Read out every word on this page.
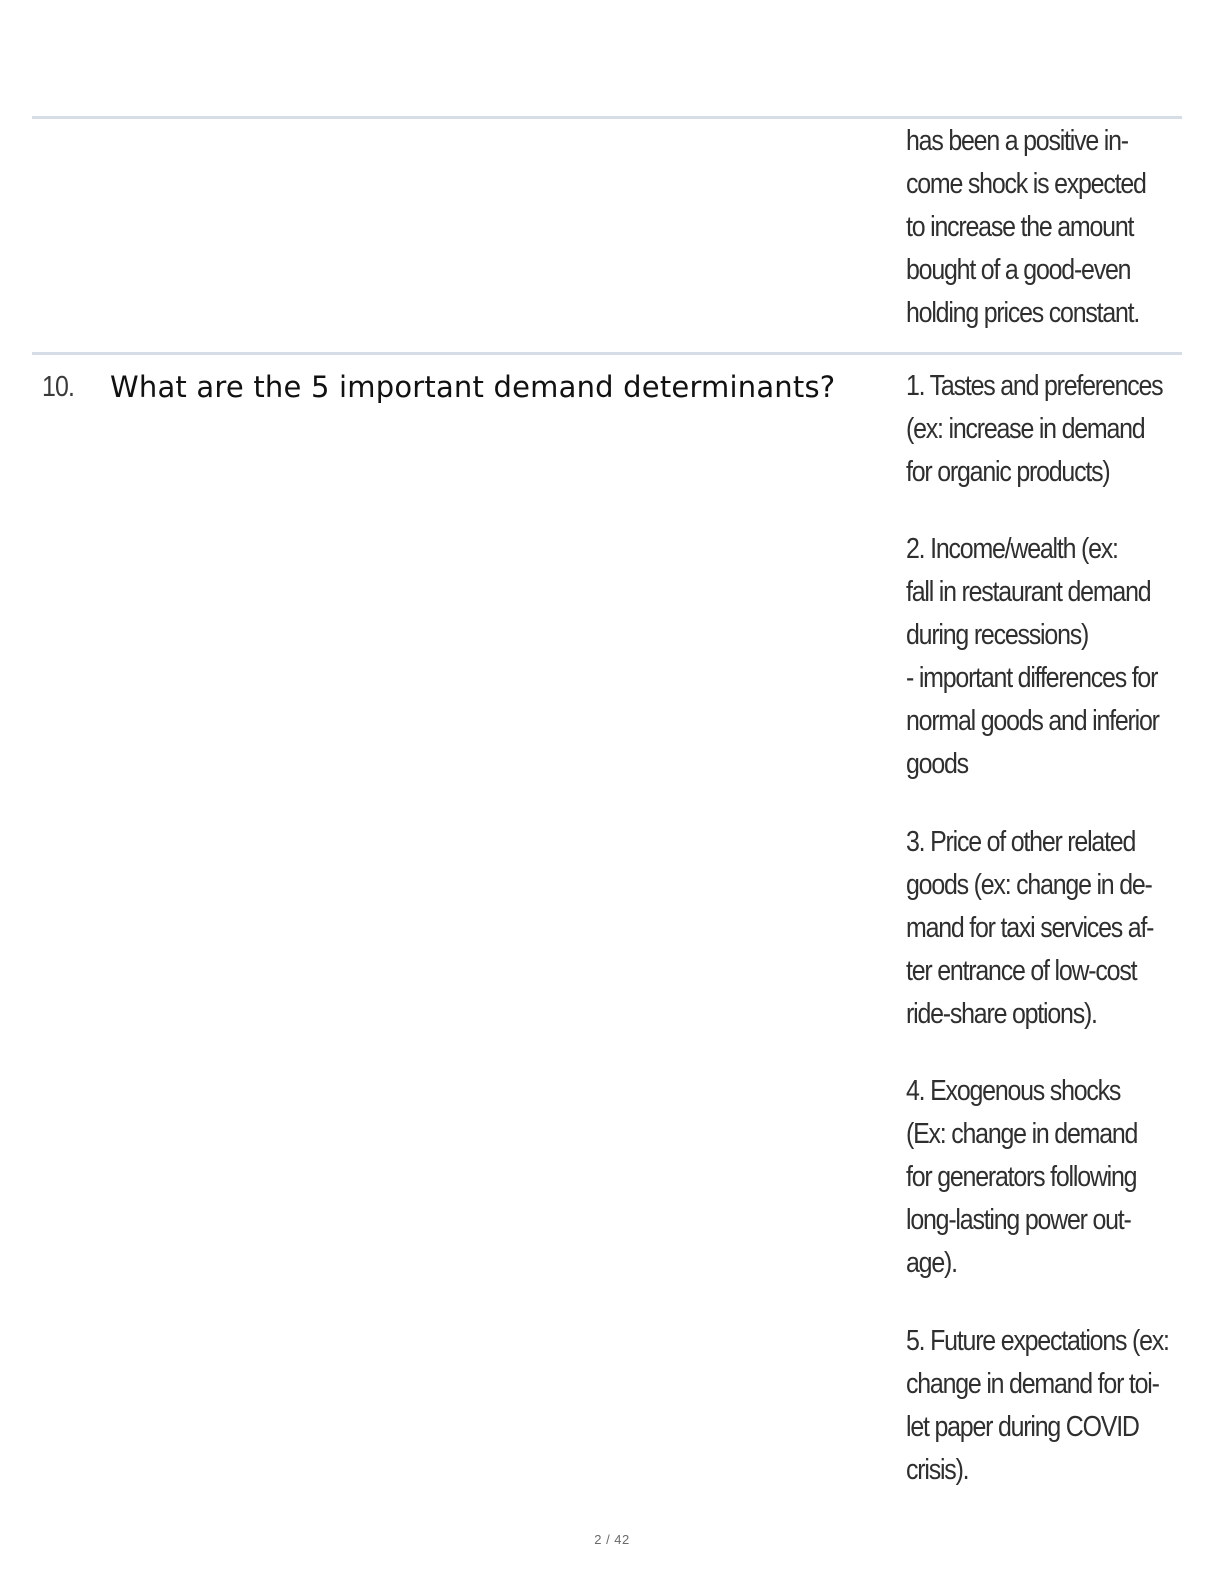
has been a positive in-
come shock is expected
to increase the amount
bought of a good-even
holding prices constant.
10. What are the 5 important demand determinants? 1. Tastes and preferences
(ex: increase in demand
for organic products)
2. Income/wealth (ex:
fall in restaurant demand
during recessions)
- important differences for
normal goods and inferior
goods
3. Price of other related
goods (ex: change in de-
mand for taxi services af-
ter entrance of low-cost
ride-share options).
4. Exogenous shocks
(Ex: change in demand
for generators following
long-lasting power out-
age).
5. Future expectations (ex:
change in demand for toi-
let paper during COVID
crisis).
2 / 42
